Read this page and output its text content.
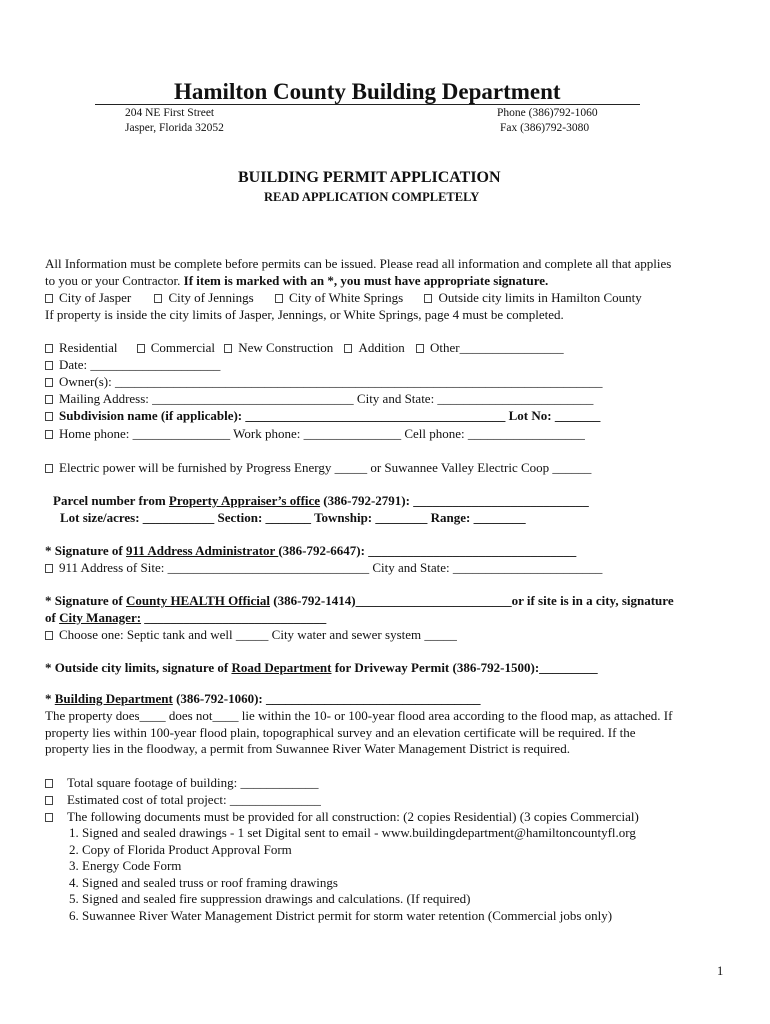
Hamilton County Building Department
204 NE First Street
Jasper, Florida 32052
Phone (386)792-1060
Fax (386)792-3080
BUILDING PERMIT APPLICATION
READ APPLICATION COMPLETELY
All Information must be complete before permits can be issued. Please read all information and complete all that applies
to you or your Contractor. If item is marked with an *, you must have appropriate signature.
City of Jasper	City of Jennings	City of White Springs	Outside city limits in Hamilton County
If property is inside the city limits of Jasper, Jennings, or White Springs, page 4 must be completed.
Residential	Commercial New Construction Addition Other________________
Date: ____________________
Owner(s): ___________________________________________________________________________
Mailing Address: _______________________________ City and State: ________________________
Subdivision name (if applicable): ________________________________________ Lot No: _______
Home phone: _______________ Work phone: _______________ Cell phone: __________________
Electric power will be furnished by Progress Energy _____ or Suwannee Valley Electric Coop ______
Parcel number from Property Appraiser’s office (386-792-2791): ___________________________
Lot size/acres: ___________ Section: _______ Township: ________ Range: ________
* Signature of 911 Address Administrator (386-792-6647): ________________________________
911 Address of Site: _______________________________ City and State: _______________________
* Signature of County HEALTH Official (386-792-1414)________________________or if site is in a city, signature
of City Manager: ____________________________
Choose one: Septic tank and well _____ City water and sewer system _____
* Outside city limits, signature of Road Department for Driveway Permit (386-792-1500):_________
* Building Department (386-792-1060): _________________________________
The property does____ does not____ lie within the 10- or 100-year flood area according to the flood map, as attached. If
property lies within 100-year flood plain, topographical survey and an elevation certificate will be required. If the
property lies in the floodway, a permit from Suwannee River Water Management District is required.
Total square footage of building: ____________
Estimated cost of total project: ______________
The following documents must be provided for all construction: (2 copies Residential) (3 copies Commercial)
1. Signed and sealed drawings - 1 set Digital sent to email - www.buildingdepartment@hamiltoncountyfl.org
2. Copy of Florida Product Approval Form
3. Energy Code Form
4. Signed and sealed truss or roof framing drawings
5. Signed and sealed fire suppression drawings and calculations. (If required)
6. Suwannee River Water Management District permit for storm water retention (Commercial jobs only)
1
